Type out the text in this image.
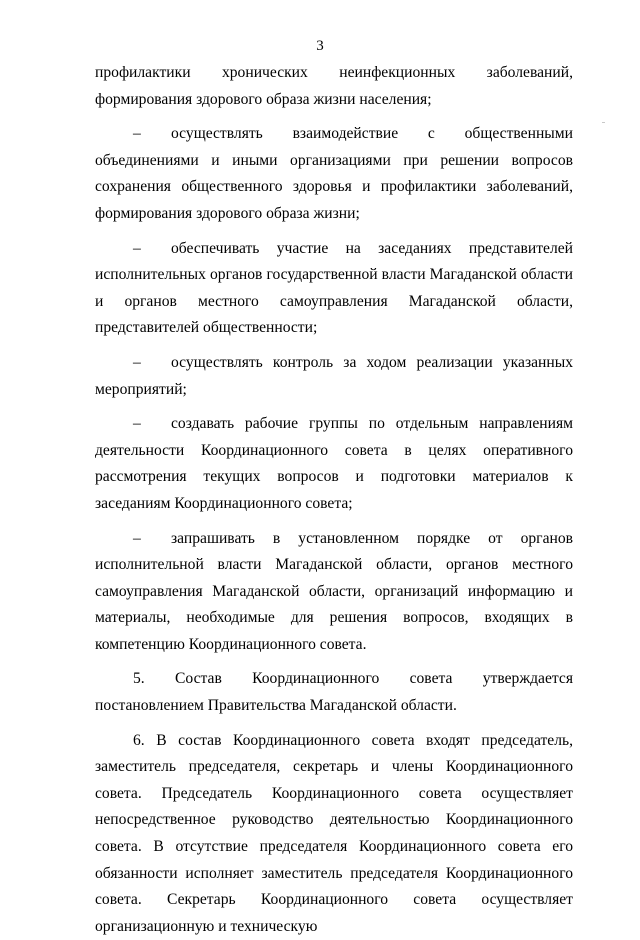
3

профилактики хронических неинфекционных заболеваний, формирования здорового образа жизни населения;

– осуществлять взаимодействие с общественными объединениями и иными организациями при решении вопросов сохранения общественного здоровья и профилактики заболеваний, формирования здорового образа жизни;

– обеспечивать участие на заседаниях представителей исполнительных органов государственной власти Магаданской области и органов местного самоуправления Магаданской области, представителей общественности;

– осуществлять контроль за ходом реализации указанных мероприятий;

– создавать рабочие группы по отдельным направлениям деятельности Координационного совета в целях оперативного рассмотрения текущих вопросов и подготовки материалов к заседаниям Координационного совета;

– запрашивать в установленном порядке от органов исполнительной власти Магаданской области, органов местного самоуправления Магаданской области, организаций информацию и материалы, необходимые для решения вопросов, входящих в компетенцию Координационного совета.

5. Состав Координационного совета утверждается постановлением Правительства Магаданской области.

6. В состав Координационного совета входят председатель, заместитель председателя, секретарь и члены Координационного совета. Председатель Координационного совета осуществляет непосредственное руководство деятельностью Координационного совета. В отсутствие председателя Координационного совета его обязанности исполняет заместитель председателя Координационного совета. Секретарь Координационного совета осуществляет организационную и техническую
